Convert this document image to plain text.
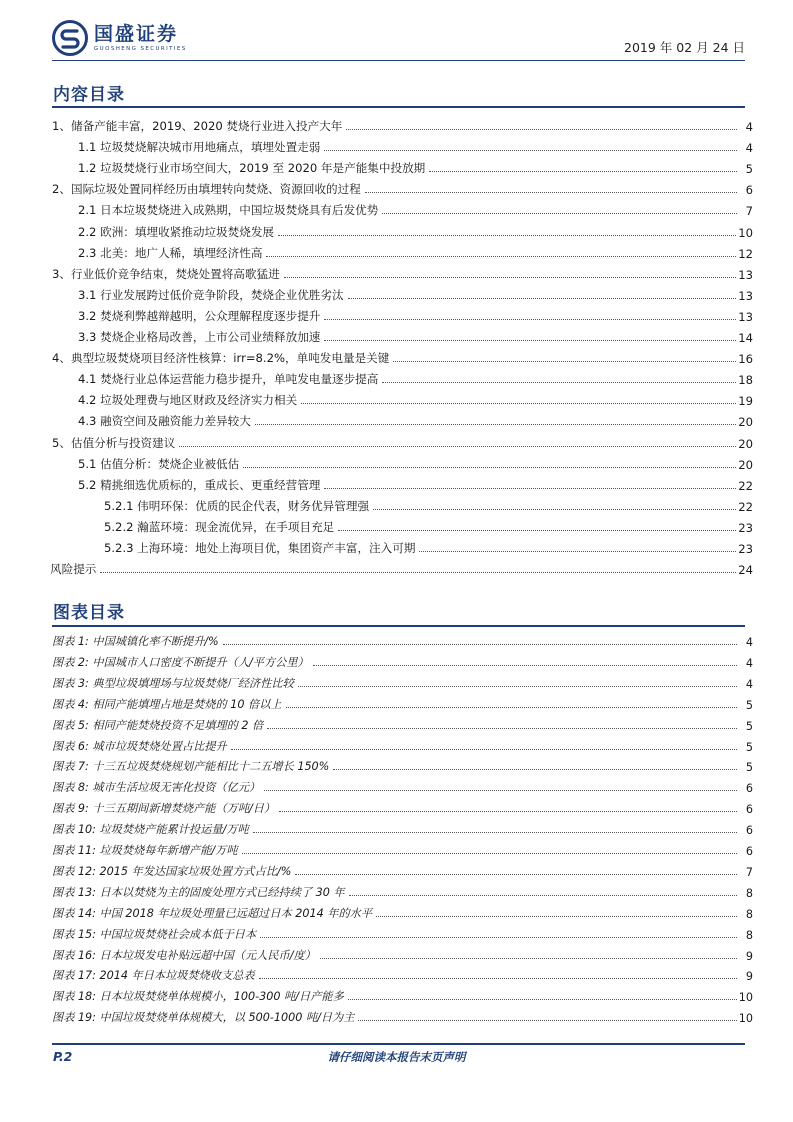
国盛证券
GUOSHENG SECURITIES	2019 年 02 月 24 日
内容目录
1、储备产能丰富，2019、2020 焚烧行业进入投产大年	4
1.1 垃圾焚烧解决城市用地痛点，填埋处置走弱	4
1.2 垃圾焚烧行业市场空间大，2019 至 2020 年是产能集中投放期	5
2、国际垃圾处置同样经历由填埋转向焚烧、资源回收的过程	6
2.1 日本垃圾焚烧进入成熟期，中国垃圾焚烧具有后发优势	7
2.2 欧洲：填埋收紧推动垃圾焚烧发展	10
2.3 北美：地广人稀，填埋经济性高	12
3、行业低价竞争结束，焚烧处置将高歌猛进	13
3.1 行业发展跨过低价竞争阶段，焚烧企业优胜劣汰	13
3.2 焚烧利弊越辩越明，公众理解程度逐步提升	13
3.3 焚烧企业格局改善，上市公司业绩释放加速	14
4、典型垃圾焚烧项目经济性核算：irr=8.2%，单吨发电量是关键	16
4.1 焚烧行业总体运营能力稳步提升，单吨发电量逐步提高	18
4.2 垃圾处理费与地区财政及经济实力相关	19
4.3 融资空间及融资能力差异较大	20
5、估值分析与投资建议	20
5.1 估值分析：焚烧企业被低估	20
5.2 精挑细选优质标的，重成长、更重经营管理	22
5.2.1 伟明环保：优质的民企代表，财务优异管理强	22
5.2.2 瀚蓝环境：现金流优异，在手项目充足	23
5.2.3 上海环境：地处上海项目优，集团资产丰富，注入可期	23
风险提示	24
图表目录
图表 1: 中国城镇化率不断提升/%	4
图表 2: 中国城市人口密度不断提升（人/平方公里）	4
图表 3: 典型垃圾填埋场与垃圾焚烧厂经济性比较	4
图表 4: 相同产能填埋占地是焚烧的 10 倍以上	5
图表 5: 相同产能焚烧投资不足填埋的 2 倍	5
图表 6: 城市垃圾焚烧处置占比提升	5
图表 7: 十三五垃圾焚烧规划产能相比十二五增长 150%	5
图表 8: 城市生活垃圾无害化投资（亿元）	6
图表 9: 十三五期间新增焚烧产能（万吨/日）	6
图表 10: 垃圾焚烧产能累计投运量/万吨	6
图表 11: 垃圾焚烧每年新增产能/万吨	6
图表 12: 2015 年发达国家垃圾处置方式占比/%	7
图表 13: 日本以焚烧为主的固废处理方式已经持续了 30 年	8
图表 14: 中国 2018 年垃圾处理量已远超过日本 2014 年的水平	8
图表 15: 中国垃圾焚烧社会成本低于日本	8
图表 16: 日本垃圾发电补贴远超中国（元人民币/度）	9
图表 17: 2014 年日本垃圾焚烧收支总表	9
图表 18: 日本垃圾焚烧单体规模小，100-300 吨/日产能多	10
图表 19: 中国垃圾焚烧单体规模大，以 500-1000 吨/日为主	10
P.2	请仔细阅读本报告末页声明
